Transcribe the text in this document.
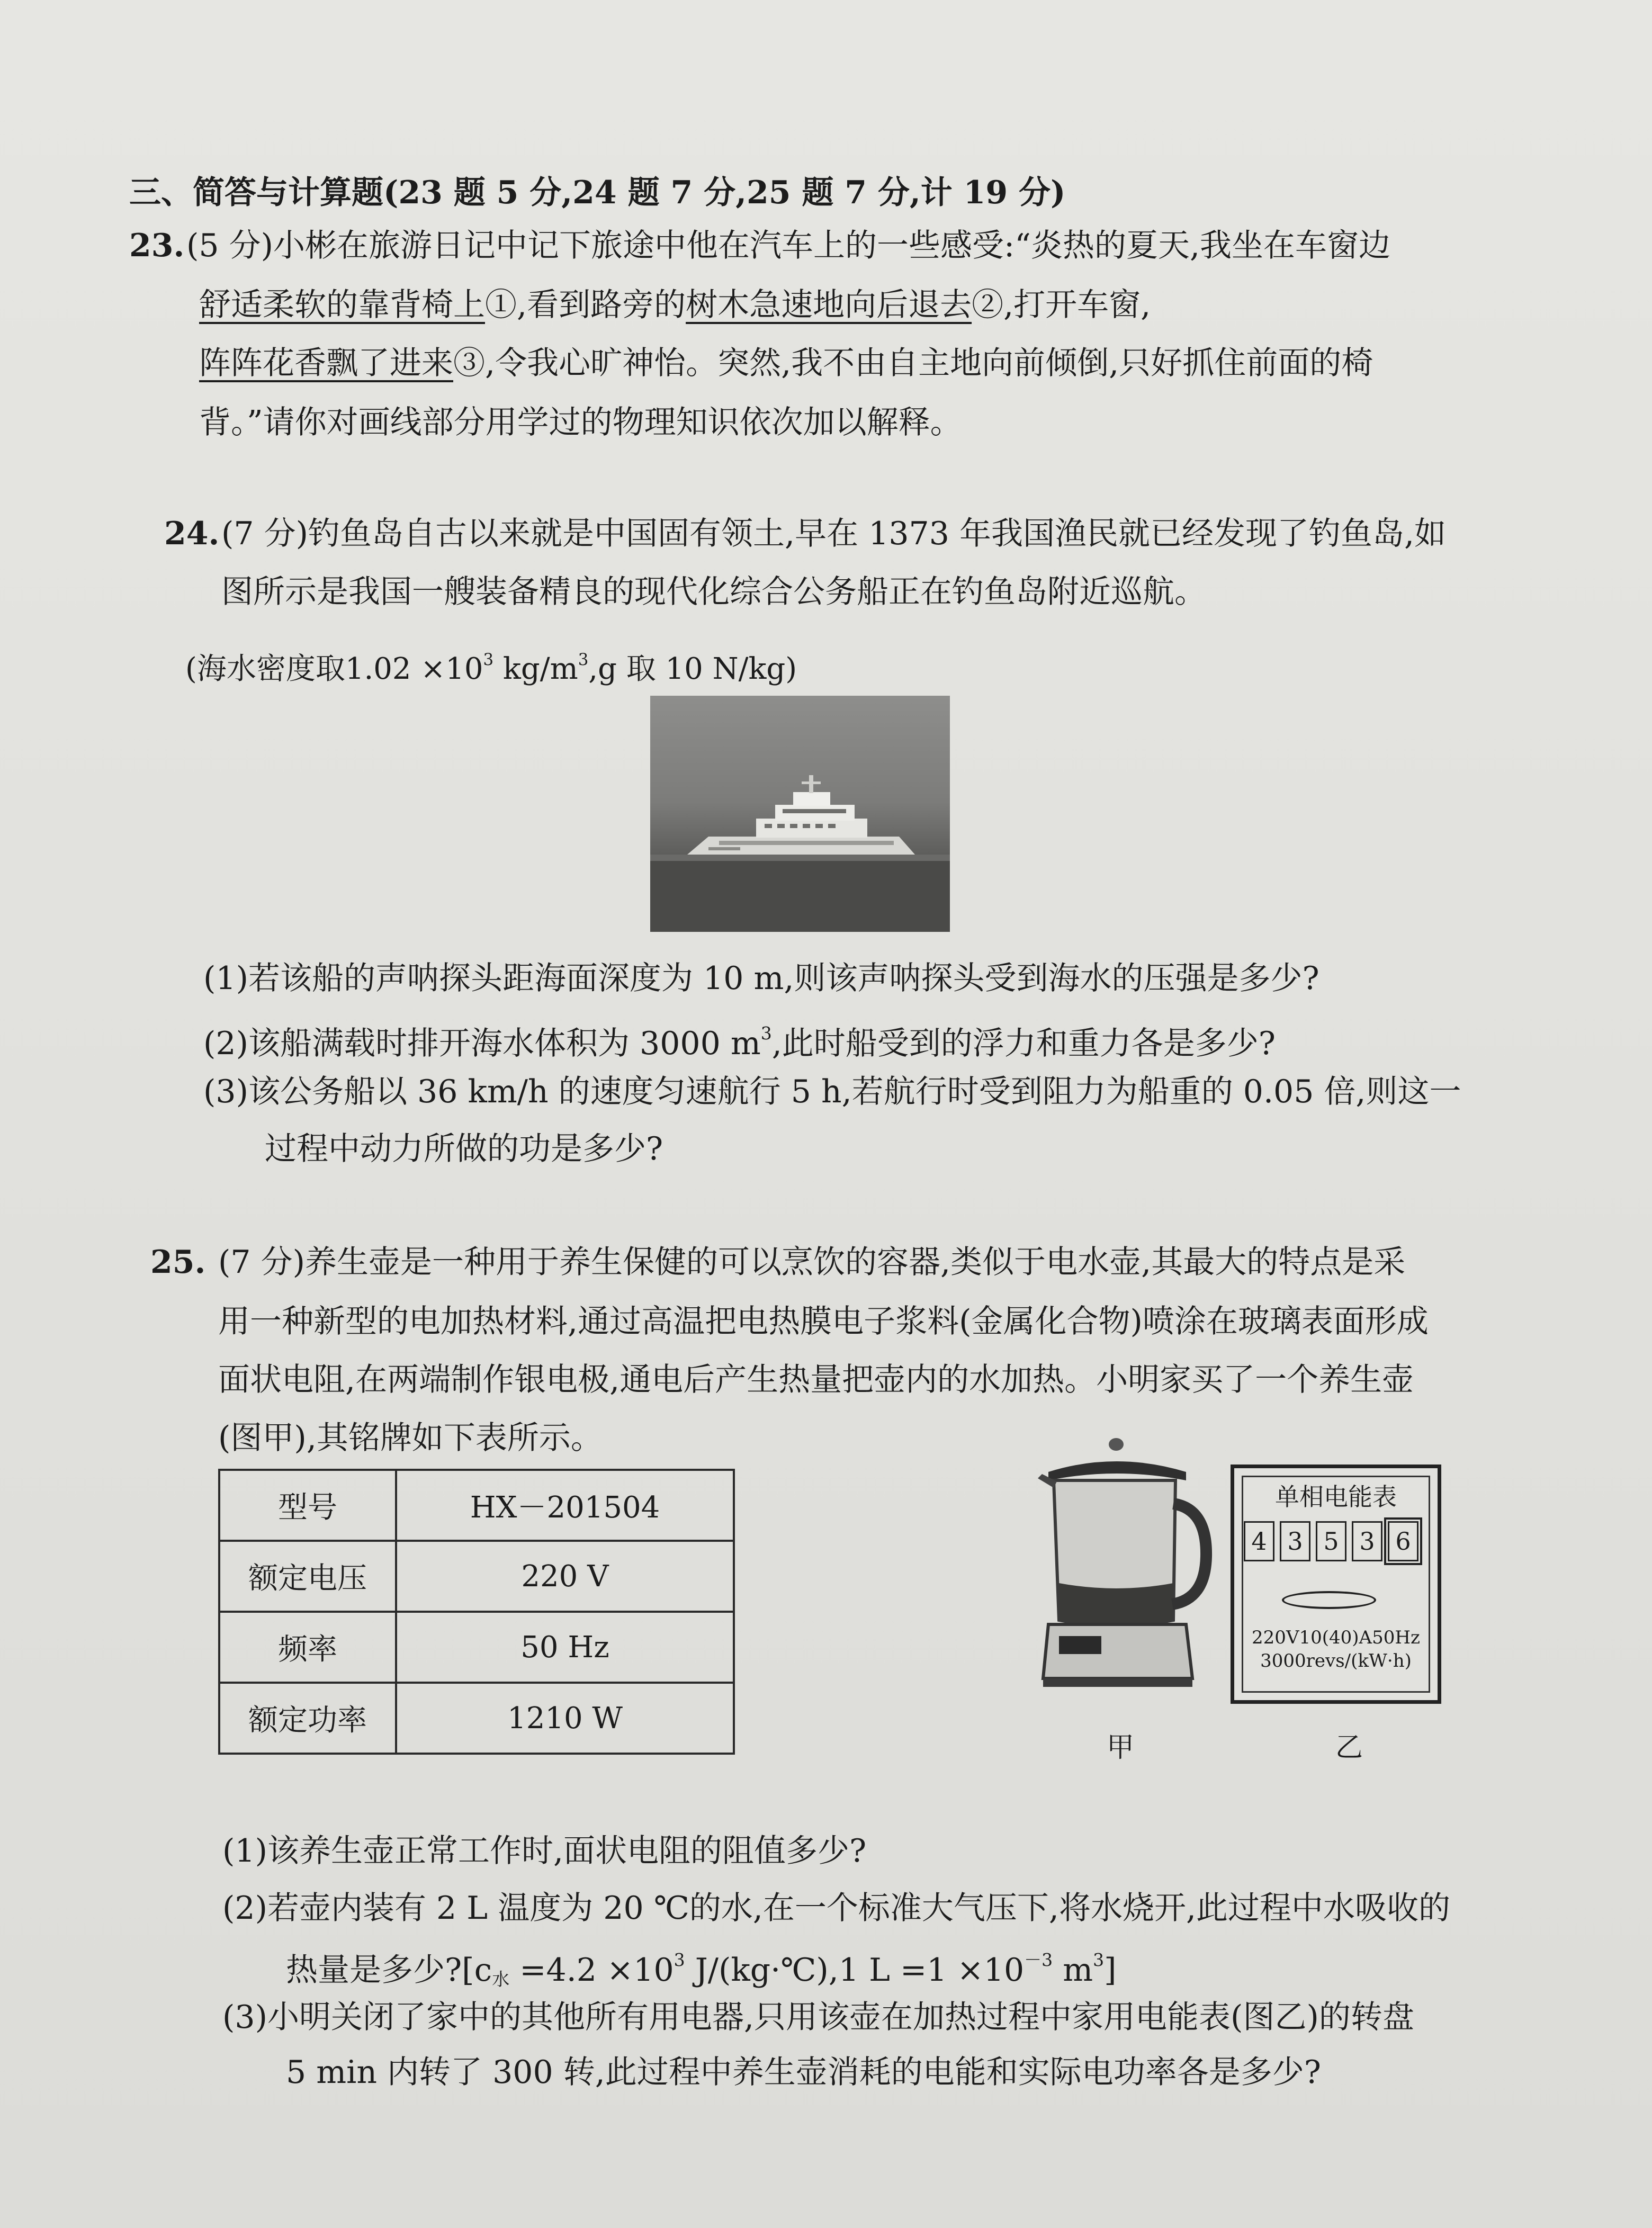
三、简答与计算题(23 题 5 分,24 题 7 分,25 题 7 分,计 19 分)
23. (5 分)小彬在旅游日记中记下旅途中他在汽车上的一些感受:“炎热的夏天,我坐在车窗边
舒适柔软的靠背椅上①,看到路旁的树木急速地向后退去②,打开车窗,
阵阵花香飘了进来③,令我心旷神怡。突然,我不由自主地向前倾倒,只好抓住前面的椅
背。”请你对画线部分用学过的物理知识依次加以解释。
24. (7 分)钓鱼岛自古以来就是中国固有领土,早在 1373 年我国渔民就已经发现了钓鱼岛,如
图所示是我国一艘装备精良的现代化综合公务船正在钓鱼岛附近巡航。
(海水密度取$1.02 \times 10^3$ $kg/m^3,g$ 取 10 N/kg)
(1)若该船的声呐探头距海面深度为 10 m,则该声呐探头受到海水的压强是多少?
(2)该船满载时排开海水体积为 3000 $m^3$,此时船受到的浮力和重力各是多少?
(3)该公务船以 36 km/h 的速度匀速航行 5 h,若航行时受到阻力为船重的 0.05 倍,则这一
过程中动力所做的功是多少?
25. (7 分)养生壶是一种用于养生保健的可以烹饮的容器,类似于电水壶,其最大的特点是采
用一种新型的电加热材料,通过高温把电热膜电子浆料(金属化合物)喷涂在玻璃表面形成
面状电阻,在两端制作银电极,通电后产生热量把壶内的水加热。小明家买了一个养生壶
(图甲),其铭牌如下表所示。
型号	HX－201504
额定电压	220 V
频率	50 Hz
额定功率	1210 W
单相电能表
4 3 5 3 6
220V10(40)A50Hz
3000revs/(kW·h)
甲	乙
(1)该养生壶正常工作时,面状电阻的阻值多少?
(2)若壶内装有 2 L 温度为 20 ℃的水,在一个标准大气压下,将水烧开,此过程中水吸收的
热量是多少$?[c_水 =4.2 \times 10^3$ J/(kg·℃),1 $L =1 \times 10^{-3}$ $m^3$]
(3)小明关闭了家中的其他所有用电器,只用该壶在加热过程中家用电能表(图乙)的转盘
5 min 内转了 300 转,此过程中养生壶消耗的电能和实际电功率各是多少?
